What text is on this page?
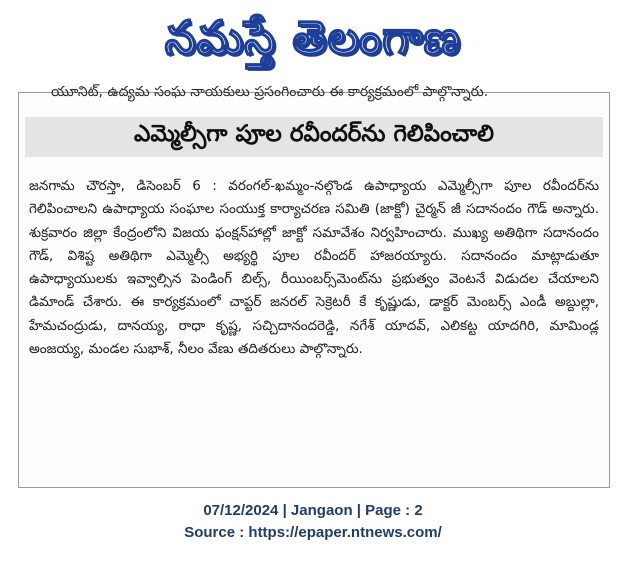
నమస్తే తెలంగాణ
యూనిట్, ఉద్యమ సంఘ నాయకులు ప్రసంగించారు ఈ కార్యక్రమంలో పాల్గొన్నారు.
ఎమ్మెల్సీగా పూల రవీందర్‌ను గెలిపించాలి
జనగామ చౌరస్తా, డిసెంబర్ 6 : వరంగల్-ఖమ్మం-నల్గొండ ఉపాధ్యాయ ఎమ్మెల్సీగా పూల రవీందర్‌ను గెలిపించాలని ఉపాధ్యాయ సంఘాల సంయుక్త కార్యాచరణ సమితి (జాక్టో) చైర్మన్ జీ సదానందం గౌడ్ అన్నారు. శుక్రవారం జిల్లా కేంద్రంలోని విజయ ఫంక్షన్‌హాల్లో జాక్టో సమావేశం నిర్వహించారు. ముఖ్య అతిథిగా సదానందం గౌడ్, విశిష్ట అతిథిగా ఎమ్మెల్సీ అభ్యర్థి పూల రవీందర్ హాజరయ్యారు. సదానందం మాట్లాడుతూ ఉపాధ్యాయులకు ఇవ్వాల్సిన పెండింగ్ బిల్స్, రీయింబర్స్‌మెంట్‌ను ప్రభుత్వం వెంటనే విడుదల చేయాలని డిమాండ్ చేశారు. ఈ కార్యక్రమంలో చాప్టర్ జనరల్ సెక్రెటరీ కే కృష్ణుడు, డాక్టర్ మెంబర్స్ ఎండీ అబ్దుల్లా, హేమచంద్రుడు, దానయ్య, రాధా కృష్ణ, సచ్చిదానందరెడ్డి, నగేశ్ యాదవ్, ఎలికట్ట యాదగిరి, మామిండ్ల అంజయ్య, మండల సుభాశ్, నీలం వేణు తదితరులు పాల్గొన్నారు.
07/12/2024 | Jangaon | Page : 2
Source : https://epaper.ntnews.com/
